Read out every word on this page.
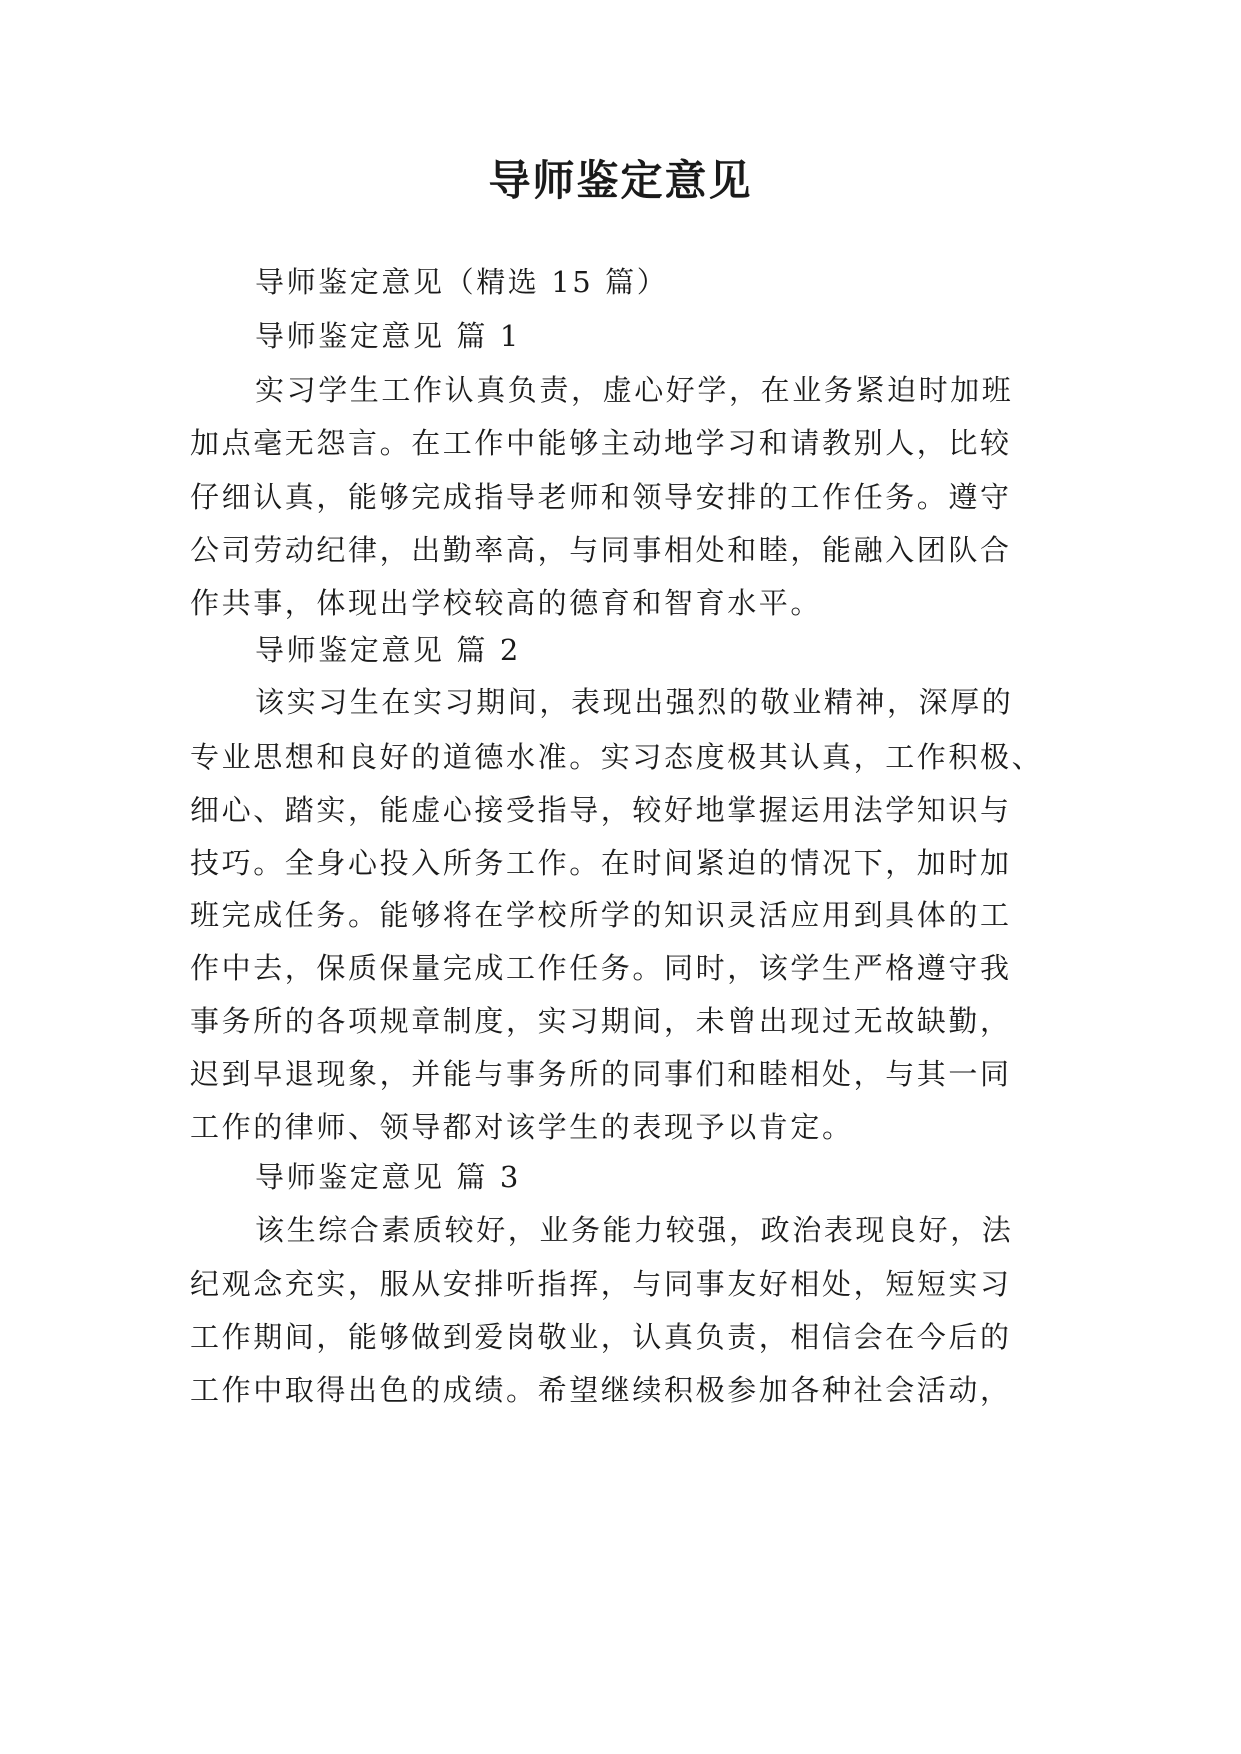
导师鉴定意见
导师鉴定意见（精选 15 篇）
导师鉴定意见 篇 1
实习学生工作认真负责，虚心好学，在业务紧迫时加班
加点毫无怨言。在工作中能够主动地学习和请教别人，比较
仔细认真，能够完成指导老师和领导安排的工作任务。遵守
公司劳动纪律，出勤率高，与同事相处和睦，能融入团队合
作共事，体现出学校较高的德育和智育水平。
导师鉴定意见 篇 2
该实习生在实习期间，表现出强烈的敬业精神，深厚的
专业思想和良好的道德水准。实习态度极其认真，工作积极、
细心、踏实，能虚心接受指导，较好地掌握运用法学知识与
技巧。全身心投入所务工作。在时间紧迫的情况下，加时加
班完成任务。能够将在学校所学的知识灵活应用到具体的工
作中去，保质保量完成工作任务。同时，该学生严格遵守我
事务所的各项规章制度，实习期间，未曾出现过无故缺勤，
迟到早退现象，并能与事务所的同事们和睦相处，与其一同
工作的律师、领导都对该学生的表现予以肯定。
导师鉴定意见 篇 3
该生综合素质较好，业务能力较强，政治表现良好，法
纪观念充实，服从安排听指挥，与同事友好相处，短短实习
工作期间，能够做到爱岗敬业，认真负责，相信会在今后的
工作中取得出色的成绩。希望继续积极参加各种社会活动，
